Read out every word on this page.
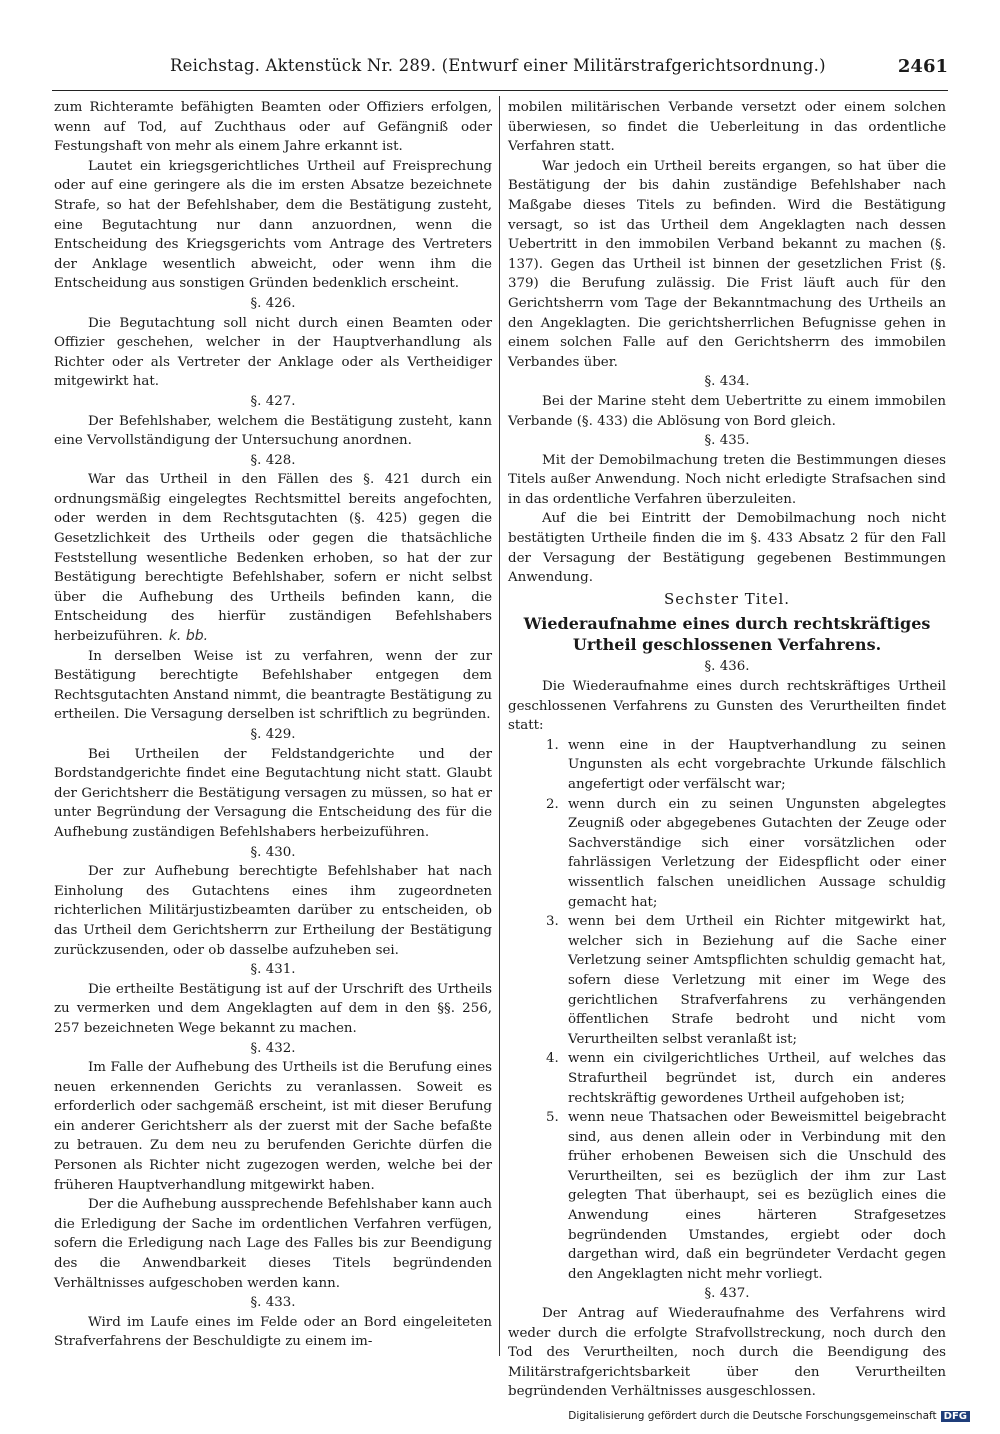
Reichstag. Aktenstück Nr. 289. (Entwurf einer Militärstrafgerichtsordnung.)	2461

zum Richteramte befähigten Beamten oder Offiziers erfolgen, wenn auf Tod, auf Zuchthaus oder auf Gefängniß oder Festungshaft von mehr als einem Jahre erkannt ist.

Lautet ein kriegsgerichtliches Urtheil auf Freisprechung oder auf eine geringere als die im ersten Absatze bezeichnete Strafe, so hat der Befehlshaber, dem die Bestätigung zusteht, eine Begutachtung nur dann anzuordnen, wenn die Entscheidung des Kriegsgerichts vom Antrage des Vertreters der Anklage wesentlich abweicht, oder wenn ihm die Entscheidung aus sonstigen Gründen bedenklich erscheint.

§. 426.

Die Begutachtung soll nicht durch einen Beamten oder Offizier geschehen, welcher in der Hauptverhandlung als Richter oder als Vertreter der Anklage oder als Vertheidiger mitgewirkt hat.

§. 427.

Der Befehlshaber, welchem die Bestätigung zusteht, kann eine Vervollständigung der Untersuchung anordnen.

§. 428.

War das Urtheil in den Fällen des §. 421 durch ein ordnungsmäßig eingelegtes Rechtsmittel bereits angefochten, oder werden in dem Rechtsgutachten (§. 425) gegen die Gesetzlichkeit des Urtheils oder gegen die thatsächliche Feststellung wesentliche Bedenken erhoben, so hat der zur Bestätigung berechtigte Befehlshaber, sofern er nicht selbst über die Aufhebung des Urtheils befinden kann, die Entscheidung des hierfür zuständigen Befehlshabers herbeizuführen. k. bb.

In derselben Weise ist zu verfahren, wenn der zur Bestätigung berechtigte Befehlshaber entgegen dem Rechtsgutachten Anstand nimmt, die beantragte Bestätigung zu ertheilen. Die Versagung derselben ist schriftlich zu begründen.

§. 429.

Bei Urtheilen der Feldstandgerichte und der Bordstandgerichte findet eine Begutachtung nicht statt. Glaubt der Gerichtsherr die Bestätigung versagen zu müssen, so hat er unter Begründung der Versagung die Entscheidung des für die Aufhebung zuständigen Befehlshabers herbeizuführen.

§. 430.

Der zur Aufhebung berechtigte Befehlshaber hat nach Einholung des Gutachtens eines ihm zugeordneten richterlichen Militärjustizbeamten darüber zu entscheiden, ob das Urtheil dem Gerichtsherrn zur Ertheilung der Bestätigung zurückzusenden, oder ob dasselbe aufzuheben sei.

§. 431.

Die ertheilte Bestätigung ist auf der Urschrift des Urtheils zu vermerken und dem Angeklagten auf dem in den §§. 256, 257 bezeichneten Wege bekannt zu machen.

§. 432.

Im Falle der Aufhebung des Urtheils ist die Berufung eines neuen erkennenden Gerichts zu veranlassen. Soweit es erforderlich oder sachgemäß erscheint, ist mit dieser Berufung ein anderer Gerichtsherr als der zuerst mit der Sache befaßte zu betrauen. Zu dem neu zu berufenden Gerichte dürfen die Personen als Richter nicht zugezogen werden, welche bei der früheren Hauptverhandlung mitgewirkt haben.

Der die Aufhebung aussprechende Befehlshaber kann auch die Erledigung der Sache im ordentlichen Verfahren verfügen, sofern die Erledigung nach Lage des Falles bis zur Beendigung des die Anwendbarkeit dieses Titels begründenden Verhältnisses aufgeschoben werden kann.

§. 433.

Wird im Laufe eines im Felde oder an Bord eingeleiteten Strafverfahrens der Beschuldigte zu einem im-

mobilen militärischen Verbande versetzt oder einem solchen überwiesen, so findet die Ueberleitung in das ordentliche Verfahren statt.

War jedoch ein Urtheil bereits ergangen, so hat über die Bestätigung der bis dahin zuständige Befehlshaber nach Maßgabe dieses Titels zu befinden. Wird die Bestätigung versagt, so ist das Urtheil dem Angeklagten nach dessen Uebertritt in den immobilen Verband bekannt zu machen (§. 137). Gegen das Urtheil ist binnen der gesetzlichen Frist (§. 379) die Berufung zulässig. Die Frist läuft auch für den Gerichtsherrn vom Tage der Bekanntmachung des Urtheils an den Angeklagten. Die gerichtsherrlichen Befugnisse gehen in einem solchen Falle auf den Gerichtsherrn des immobilen Verbandes über.

§. 434.

Bei der Marine steht dem Uebertritte zu einem immobilen Verbande (§. 433) die Ablösung von Bord gleich.

§. 435.

Mit der Demobilmachung treten die Bestimmungen dieses Titels außer Anwendung. Noch nicht erledigte Strafsachen sind in das ordentliche Verfahren überzuleiten.

Auf die bei Eintritt der Demobilmachung noch nicht bestätigten Urtheile finden die im §. 433 Absatz 2 für den Fall der Versagung der Bestätigung gegebenen Bestimmungen Anwendung.

Sechster Titel.

Wiederaufnahme eines durch rechtskräftiges Urtheil geschlossenen Verfahrens.

§. 436.

Die Wiederaufnahme eines durch rechtskräftiges Urtheil geschlossenen Verfahrens zu Gunsten des Verurtheilten findet statt:

1. wenn eine in der Hauptverhandlung zu seinen Ungunsten als echt vorgebrachte Urkunde fälschlich angefertigt oder verfälscht war;
2. wenn durch ein zu seinen Ungunsten abgelegtes Zeugniß oder abgegebenes Gutachten der Zeuge oder Sachverständige sich einer vorsätzlichen oder fahrlässigen Verletzung der Eidespflicht oder einer wissentlich falschen uneidlichen Aussage schuldig gemacht hat;
3. wenn bei dem Urtheil ein Richter mitgewirkt hat, welcher sich in Beziehung auf die Sache einer Verletzung seiner Amtspflichten schuldig gemacht hat, sofern diese Verletzung mit einer im Wege des gerichtlichen Strafverfahrens zu verhängenden öffentlichen Strafe bedroht und nicht vom Verurtheilten selbst veranlaßt ist;
4. wenn ein civilgerichtliches Urtheil, auf welches das Strafurtheil begründet ist, durch ein anderes rechtskräftig gewordenes Urtheil aufgehoben ist;
5. wenn neue Thatsachen oder Beweismittel beigebracht sind, aus denen allein oder in Verbindung mit den früher erhobenen Beweisen sich die Unschuld des Verurtheilten, sei es bezüglich der ihm zur Last gelegten That überhaupt, sei es bezüglich eines die Anwendung eines härteren Strafgesetzes begründenden Umstandes, ergiebt oder doch dargethan wird, daß ein begründeter Verdacht gegen den Angeklagten nicht mehr vorliegt.

§. 437.

Der Antrag auf Wiederaufnahme des Verfahrens wird weder durch die erfolgte Strafvollstreckung, noch durch den Tod des Verurtheilten, noch durch die Beendigung des Militärstrafgerichtsbarkeit über den Verurtheilten begründenden Verhältnisses ausgeschlossen.

Digitalisierung gefördert durch die Deutsche Forschungsgemeinschaft DFG
